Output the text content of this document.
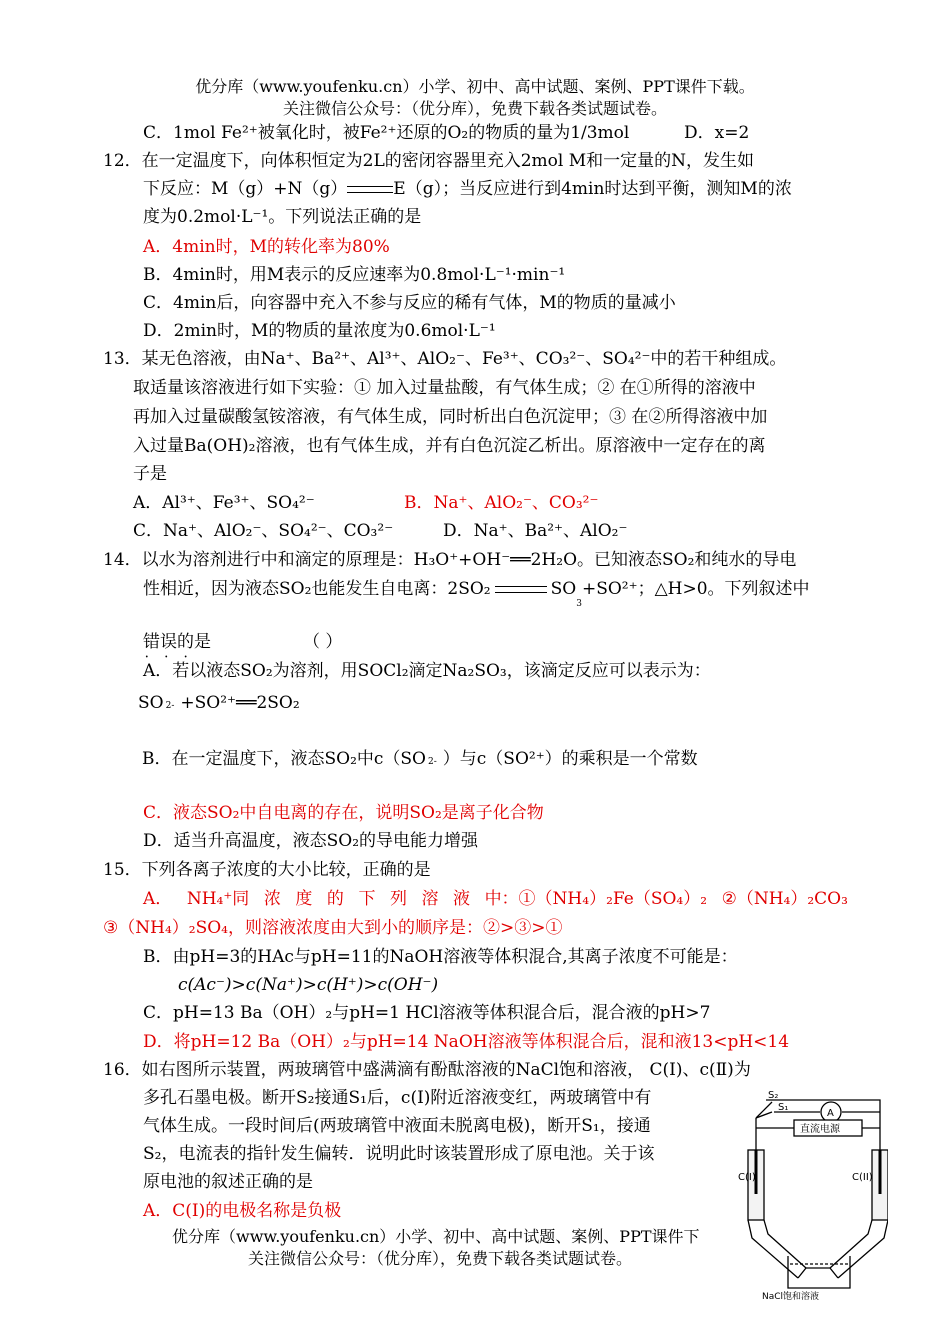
优分库（www.youfenku.cn）小学、初中、高中试题、案例、PPT课件下载。
关注微信公众号：（优分库），免费下载各类试题试卷。
C．1mol Fe²⁺被氧化时，被Fe²⁺还原的O₂的物质的量为1/3mol	D．x=2
12．在一定温度下，向体积恒定为2L的密闭容器里充入2mol M和一定量的N，发生如
下反应：M（g）+N（g）	E（g）；当反应进行到4min时达到平衡，测知M的浓
度为0.2mol·L⁻¹。下列说法正确的是
A．4min时，M的转化率为80%
B．4min时，用M表示的反应速率为0.8mol·L⁻¹·min⁻¹
C．4min后，向容器中充入不参与反应的稀有气体，M的物质的量减小
D．2min时，M的物质的量浓度为0.6mol·L⁻¹
13．某无色溶液，由Na⁺、Ba²⁺、Al³⁺、AlO₂⁻、Fe³⁺、CO₃²⁻、SO₄²⁻中的若干种组成。
取适量该溶液进行如下实验：① 加入过量盐酸，有气体生成；② 在①所得的溶液中
再加入过量碳酸氢铵溶液，有气体生成，同时析出白色沉淀甲；③ 在②所得溶液中加
入过量Ba(OH)₂溶液，也有气体生成，并有白色沉淀乙析出。原溶液中一定存在的离
子是
A．Al³⁺、Fe³⁺、SO₄²⁻	B．Na⁺、AlO₂⁻、CO₃²⁻
C．Na⁺、AlO₂⁻、SO₄²⁻、CO₃²⁻	D．Na⁺、Ba²⁺、AlO₂⁻
14．以水为溶剂进行中和滴定的原理是：H₃O⁺+OH⁻══2H₂O。已知液态SO₂和纯水的导电
性相近，因为液态SO₂也能发生自电离：2SO₂	$SO_3+SO^{2+}$；△H>0。下列叙述中
错误 • • •的是	（ ）
A．若以液态SO₂为溶剂，用SOCl₂滴定Na₂SO₃，该滴定反应可以表示为：
SO 2- +SO²⁺══2SO₂
B．在一定温度下，液态SO₂中c（SO 2- ）与c（SO²⁺）的乘积是一个常数
C．液态SO₂中自电离的存在，说明SO₂是离子化合物
D．适当升高温度，液态SO₂的导电能力增强
15．下列各离子浓度的大小比较，正确的是
A． NH₄⁺同 浓 度 的 下 列 溶 液 中：①（NH₄）₂Fe（SO₄）₂ ②（NH₄）₂CO₃
③（NH₄）₂SO₄，则溶液浓度由大到小的顺序是：②>③>①
B．由pH=3的HAc与pH=11的NaOH溶液等体积混合,其离子浓度不可能是：
c(Ac⁻)>c(Na⁺)>c(H⁺)>c(OH⁻)
C．pH=13 Ba（OH）₂与pH=1 HCl溶液等体积混合后，混合液的pH>7
D．将pH=12 Ba（OH）₂与pH=14 NaOH溶液等体积混合后，混和液13<pH<14
16．如右图所示装置，两玻璃管中盛满滴有酚酞溶液的NaCl饱和溶液， C(Ⅰ)、c(Ⅱ)为
多孔石墨电极。断开S₂接通S₁后，c(I)附近溶液变红，两玻璃管中有
气体生成。一段时间后(两玻璃管中液面未脱离电极)，断开S₁，接通
S₂，电流表的指针发生偏转．说明此时该装置形成了原电池。关于该
原电池的叙述正确的是
A．C(I)的电极名称是负极
优分库（www.youfenku.cn）小学、初中、高中试题、案例、PPT课件下
关注微信公众号：（优分库），免费下载各类试题试卷。
S₂
S₁
A
直流电源
C(I)	C(II)
NaCl饱和溶液
